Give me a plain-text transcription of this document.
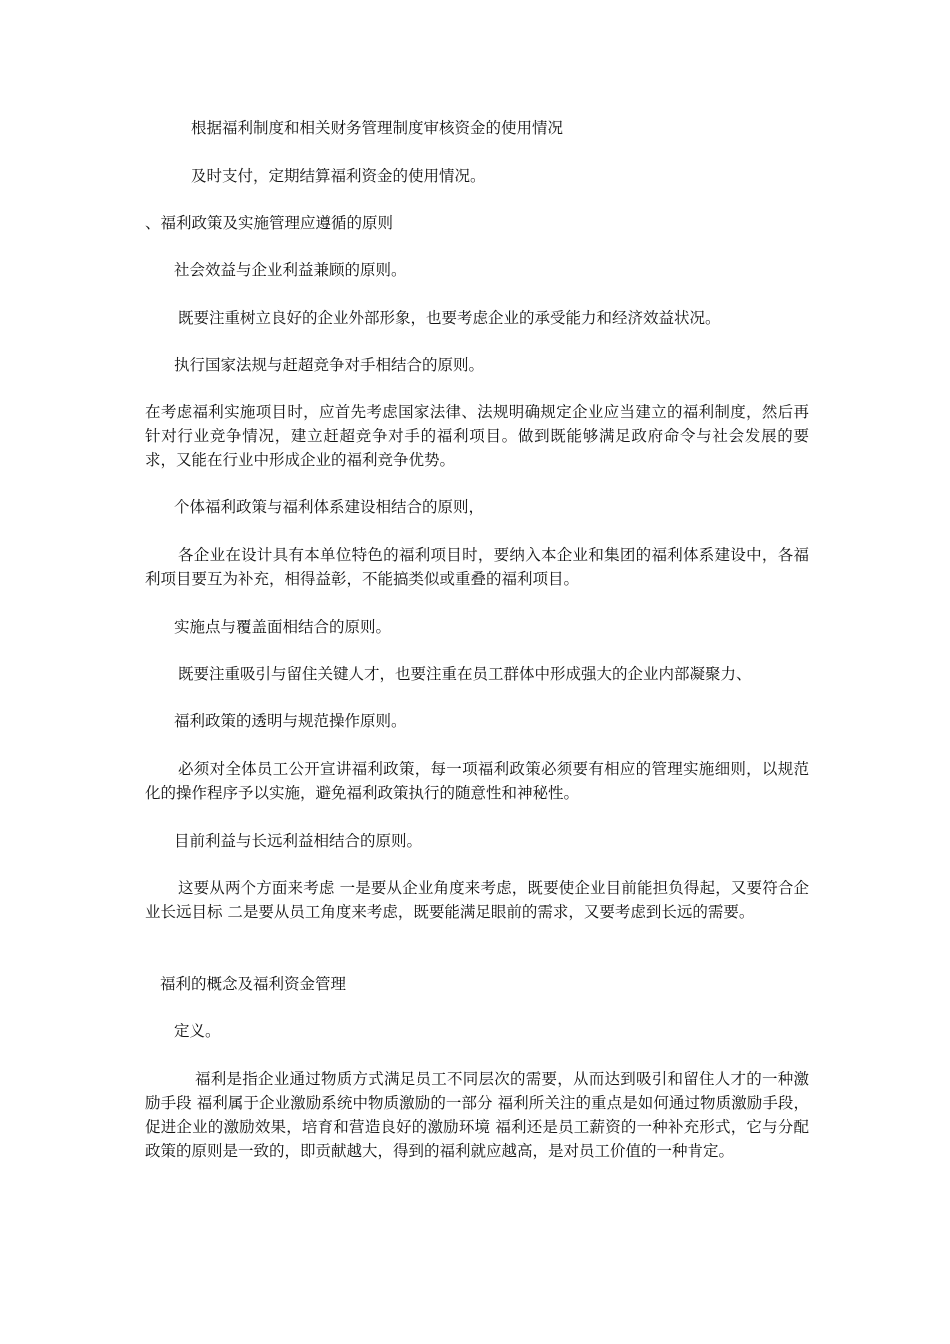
根据福利制度和相关财务管理制度审核资金的使用情况

及时支付，定期结算福利资金的使用情况。

、福利政策及实施管理应遵循的原则

社会效益与企业利益兼顾的原则。

既要注重树立良好的企业外部形象，也要考虑企业的承受能力和经济效益状况。

执行国家法规与赶超竞争对手相结合的原则。

在考虑福利实施项目时，应首先考虑国家法律、法规明确规定企业应当建立的福利制度，然后再针对行业竞争情况，建立赶超竞争对手的福利项目。做到既能够满足政府命令与社会发展的要求，又能在行业中形成企业的福利竞争优势。

个体福利政策与福利体系建设相结合的原则，

各企业在设计具有本单位特色的福利项目时，要纳入本企业和集团的福利体系建设中，各福利项目要互为补充，相得益彰，不能搞类似或重叠的福利项目。

实施点与覆盖面相结合的原则。

既要注重吸引与留住关键人才，也要注重在员工群体中形成强大的企业内部凝聚力、

福利政策的透明与规范操作原则。

必须对全体员工公开宣讲福利政策，每一项福利政策必须要有相应的管理实施细则，以规范化的操作程序予以实施，避免福利政策执行的随意性和神秘性。

目前利益与长远利益相结合的原则。

这要从两个方面来考虑 一是要从企业角度来考虑，既要使企业目前能担负得起，又要符合企业长远目标 二是要从员工角度来考虑，既要能满足眼前的需求，又要考虑到长远的需要。

福利的概念及福利资金管理

定义。

福利是指企业通过物质方式满足员工不同层次的需要，从而达到吸引和留住人才的一种激励手段 福利属于企业激励系统中物质激励的一部分 福利所关注的重点是如何通过物质激励手段，促进企业的激励效果，培育和营造良好的激励环境 福利还是员工薪资的一种补充形式，它与分配政策的原则是一致的，即贡献越大，得到的福利就应越高，是对员工价值的一种肯定。
